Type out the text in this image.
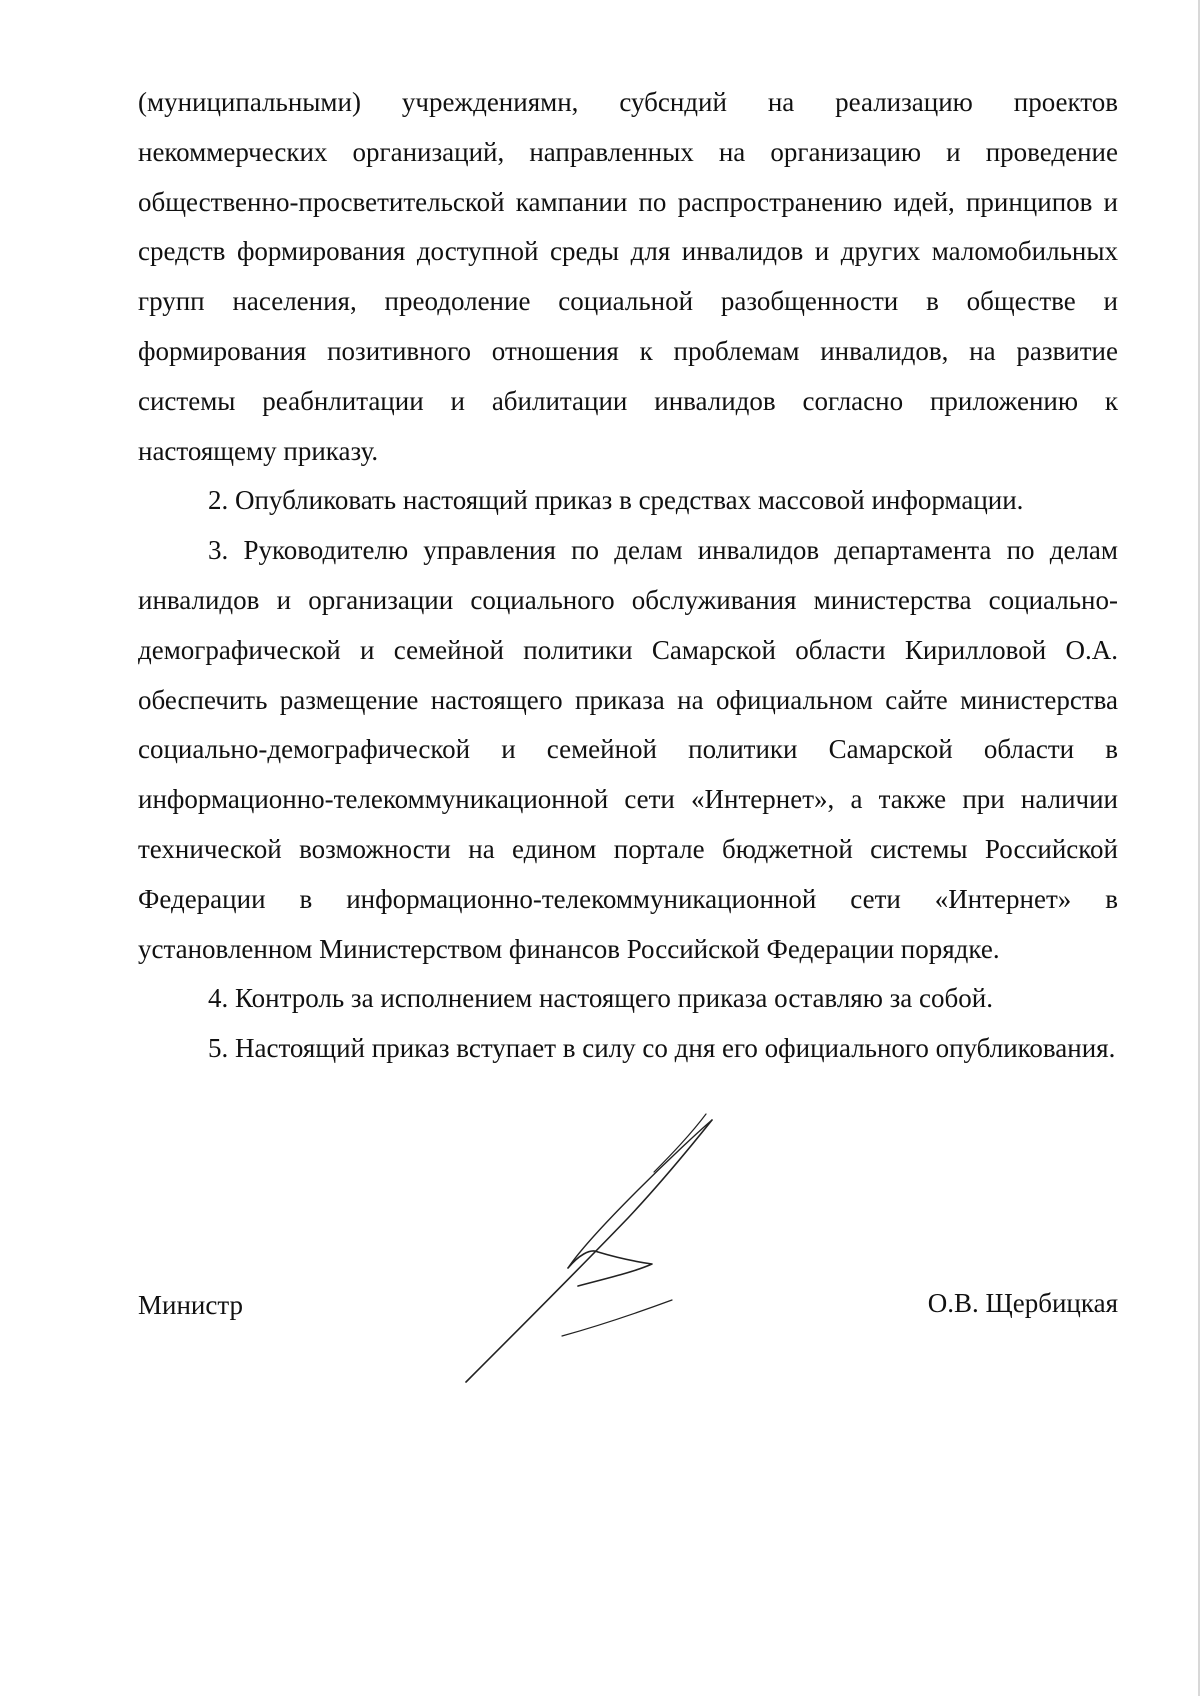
(муниципальными) учреждениямн, субсндий на реализацию проектов некоммерческих организаций, направленных на организацию и проведение общественно-просветительской кампании по распространению идей, принципов и средств формирования доступной среды для инвалидов и других маломобильных групп населения, преодоление социальной разобщенности в обществе и формирования позитивного отношения к проблемам инвалидов, на развитие системы реабнлитации и абилитации инвалидов согласно приложению к настоящему приказу.

2. Опубликовать настоящий приказ в средствах массовой информации.

3. Руководителю управления по делам инвалидов департамента по делам инвалидов и организации социального обслуживания министерства социально-демографической и семейной политики Самарской области Кирилловой О.А. обеспечить размещение настоящего приказа на официальном сайте министерства социально-демографической и семейной политики Самарской области в информационно-телекоммуникационной сети «Интернет», а также при наличии технической возможности на едином портале бюджетной системы Российской Федерации в информационно-телекоммуникационной сети «Интернет» в установленном Министерством финансов Российской Федерации порядке.

4. Контроль за исполнением настоящего приказа оставляю за собой.

5. Настоящий приказ вступает в силу со дня его официального опубликования.

Министр	О.В. Щербицкая
